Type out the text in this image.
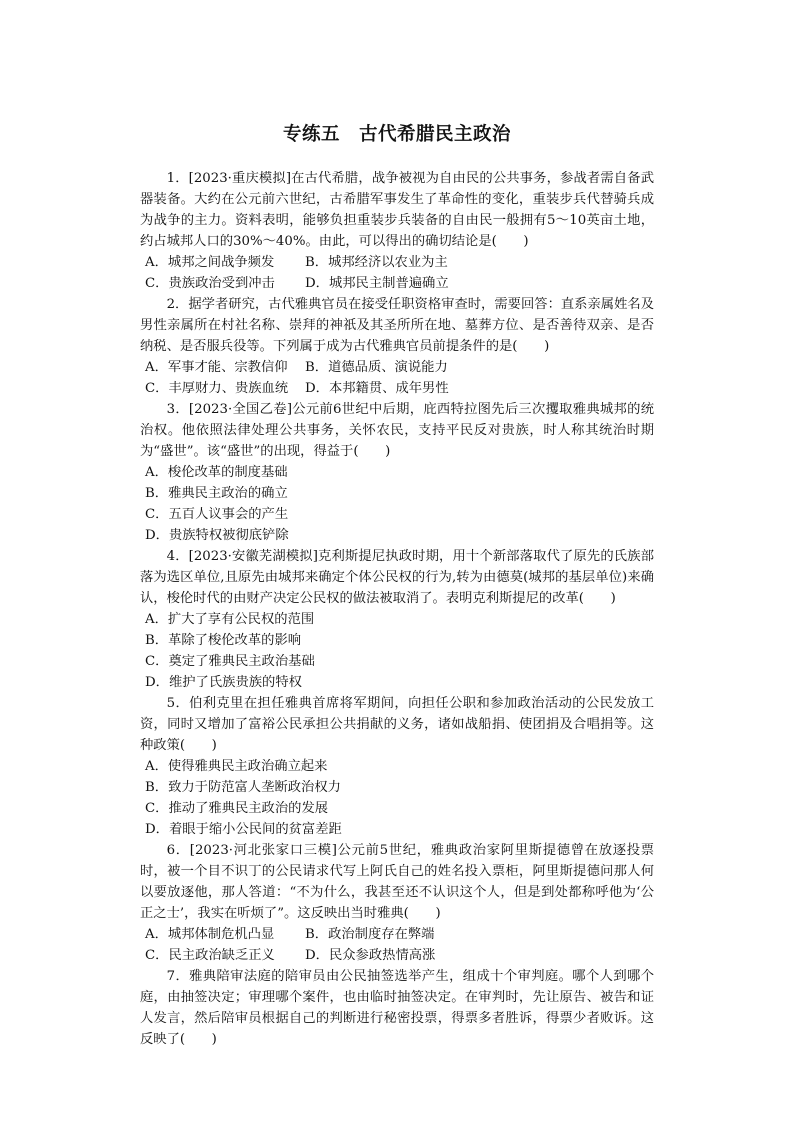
专练五　古代希腊民主政治
1．[2023·重庆模拟]在古代希腊，战争被视为自由民的公共事务，参战者需自备武器装备。大约在公元前六世纪，古希腊军事发生了革命性的变化，重装步兵代替骑兵成为战争的主力。资料表明，能够负担重装步兵装备的自由民一般拥有5～10英亩土地，约占城邦人口的30%～40%。由此，可以得出的确切结论是(　　)
A．城邦之间战争频发	B．城邦经济以农业为主
C．贵族政治受到冲击	D．城邦民主制普遍确立
2．据学者研究，古代雅典官员在接受任职资格审查时，需要回答：直系亲属姓名及男性亲属所在村社名称、崇拜的神祇及其圣所所在地、墓葬方位、是否善待双亲、是否纳税、是否服兵役等。下列属于成为古代雅典官员前提条件的是(　　)
A．军事才能、宗教信仰	B．道德品质、演说能力
C．丰厚财力、贵族血统	D．本邦籍贯、成年男性
3．[2023·全国乙卷]公元前6世纪中后期，庇西特拉图先后三次攫取雅典城邦的统治权。他依照法律处理公共事务，关怀农民，支持平民反对贵族，时人称其统治时期为“盛世”。该“盛世”的出现，得益于(　　)
A．梭伦改革的制度基础
B．雅典民主政治的确立
C．五百人议事会的产生
D．贵族特权被彻底铲除
4．[2023·安徽芜湖模拟]克利斯提尼执政时期，用十个新部落取代了原先的氏族部落为选区单位,且原先由城邦来确定个体公民权的行为,转为由德莫(城邦的基层单位)来确认，梭伦时代的由财产决定公民权的做法被取消了。表明克利斯提尼的改革(　　)
A．扩大了享有公民权的范围
B．革除了梭伦改革的影响
C．奠定了雅典民主政治基础
D．维护了氏族贵族的特权
5．伯利克里在担任雅典首席将军期间，向担任公职和参加政治活动的公民发放工资，同时又增加了富裕公民承担公共捐献的义务，诸如战船捐、使团捐及合唱捐等。这种政策(　　)
A．使得雅典民主政治确立起来
B．致力于防范富人垄断政治权力
C．推动了雅典民主政治的发展
D．着眼于缩小公民间的贫富差距
6．[2023·河北张家口三模]公元前5世纪，雅典政治家阿里斯提德曾在放逐投票时，被一个目不识丁的公民请求代写上阿氏自己的姓名投入票柜，阿里斯提德问那人何以要放逐他，那人答道：“不为什么，我甚至还不认识这个人，但是到处都称呼他为‘公正之士’，我实在听烦了”。这反映出当时雅典(　　)
A．城邦体制危机凸显	B．政治制度存在弊端
C．民主政治缺乏正义	D．民众参政热情高涨
7．雅典陪审法庭的陪审员由公民抽签选举产生，组成十个审判庭。哪个人到哪个庭，由抽签决定；审理哪个案件，也由临时抽签决定。在审判时，先让原告、被告和证人发言，然后陪审员根据自己的判断进行秘密投票，得票多者胜诉，得票少者败诉。这反映了(　　)
